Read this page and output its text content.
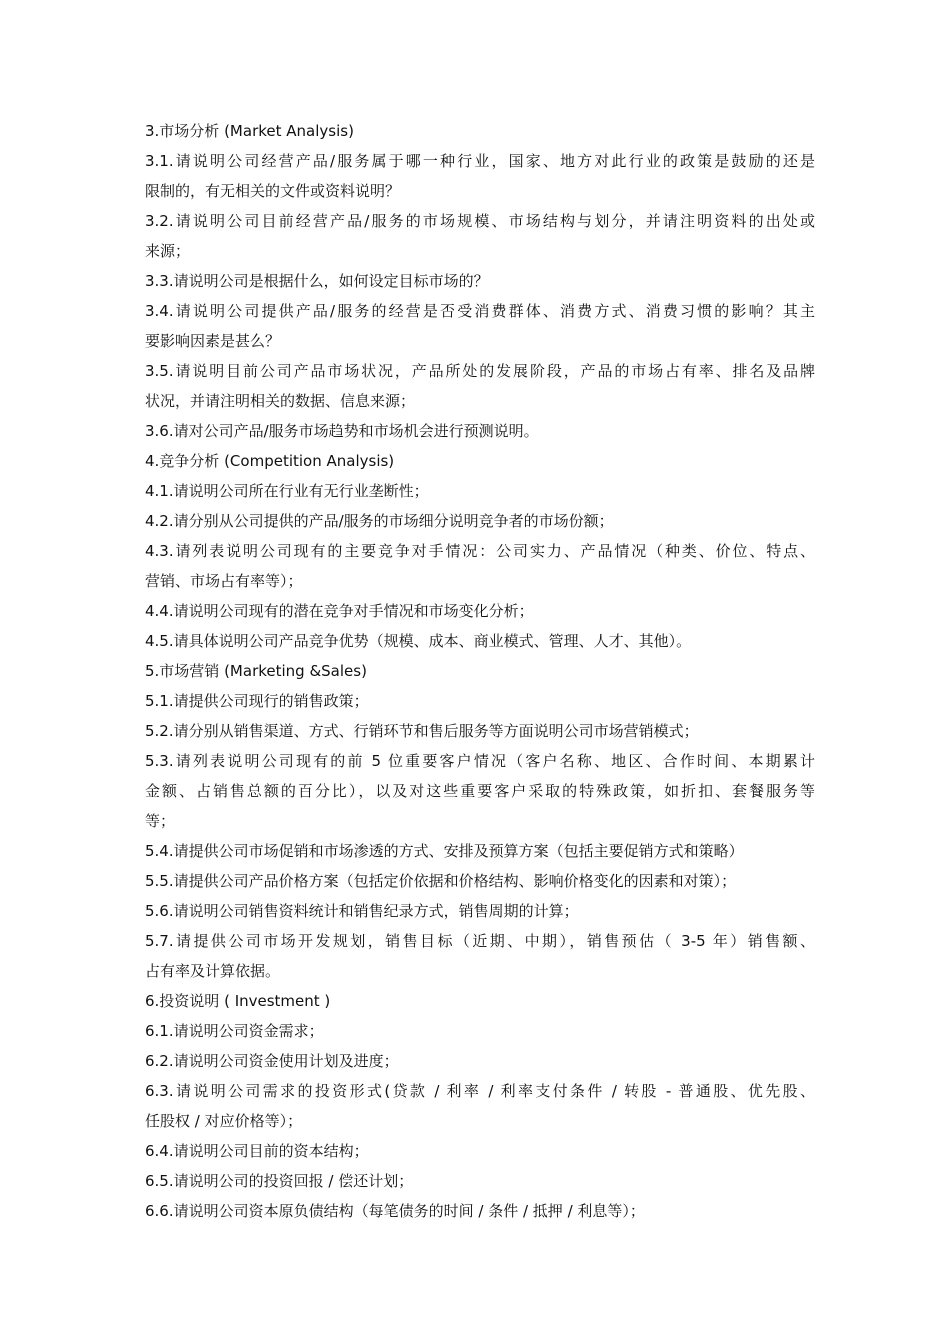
3.市场分析 (Market Analysis)
3.1.请说明公司经营产品/服务属于哪一种行业，国家、地方对此行业的政策是鼓励的还是
限制的，有无相关的文件或资料说明？
3.2.请说明公司目前经营产品/服务的市场规模、市场结构与划分，并请注明资料的出处或
来源；
3.3.请说明公司是根据什么，如何设定目标市场的？
3.4.请说明公司提供产品/服务的经营是否受消费群体、消费方式、消费习惯的影响？其主
要影响因素是甚么？
3.5.请说明目前公司产品市场状况，产品所处的发展阶段，产品的市场占有率、排名及品牌
状况，并请注明相关的数据、信息来源；
3.6.请对公司产品/服务市场趋势和市场机会进行预测说明。
4.竞争分析 (Competition Analysis)
4.1.请说明公司所在行业有无行业垄断性；
4.2.请分别从公司提供的产品/服务的市场细分说明竞争者的市场份额；
4.3.请列表说明公司现有的主要竞争对手情况：公司实力、产品情况（种类、价位、特点、
营销、市场占有率等）；
4.4.请说明公司现有的潜在竞争对手情况和市场变化分析；
4.5.请具体说明公司产品竞争优势（规模、成本、商业模式、管理、人才、其他）。
5.市场营销 (Marketing &Sales)
5.1.请提供公司现行的销售政策；
5.2.请分别从销售渠道、方式、行销环节和售后服务等方面说明公司市场营销模式；
5.3.请列表说明公司现有的前 5 位重要客户情况（客户名称、地区、合作时间、本期累计
金额、占销售总额的百分比），以及对这些重要客户采取的特殊政策，如折扣、套餐服务等
等；
5.4.请提供公司市场促销和市场渗透的方式、安排及预算方案（包括主要促销方式和策略）
5.5.请提供公司产品价格方案（包括定价依据和价格结构、影响价格变化的因素和对策）；
5.6.请说明公司销售资料统计和销售纪录方式，销售周期的计算；
5.7.请提供公司市场开发规划，销售目标（近期、中期），销售预估（ 3-5 年）销售额、
占有率及计算依据。
6.投资说明 ( Investment )
6.1.请说明公司资金需求；
6.2.请说明公司资金使用计划及进度；
6.3.请说明公司需求的投资形式(贷款 / 利率 / 利率支付条件 / 转股 - 普通股、优先股、
任股权 / 对应价格等）；
6.4.请说明公司目前的资本结构；
6.5.请说明公司的投资回报 / 偿还计划；
6.6.请说明公司资本原负债结构（每笔债务的时间 / 条件 / 抵押 / 利息等）；
